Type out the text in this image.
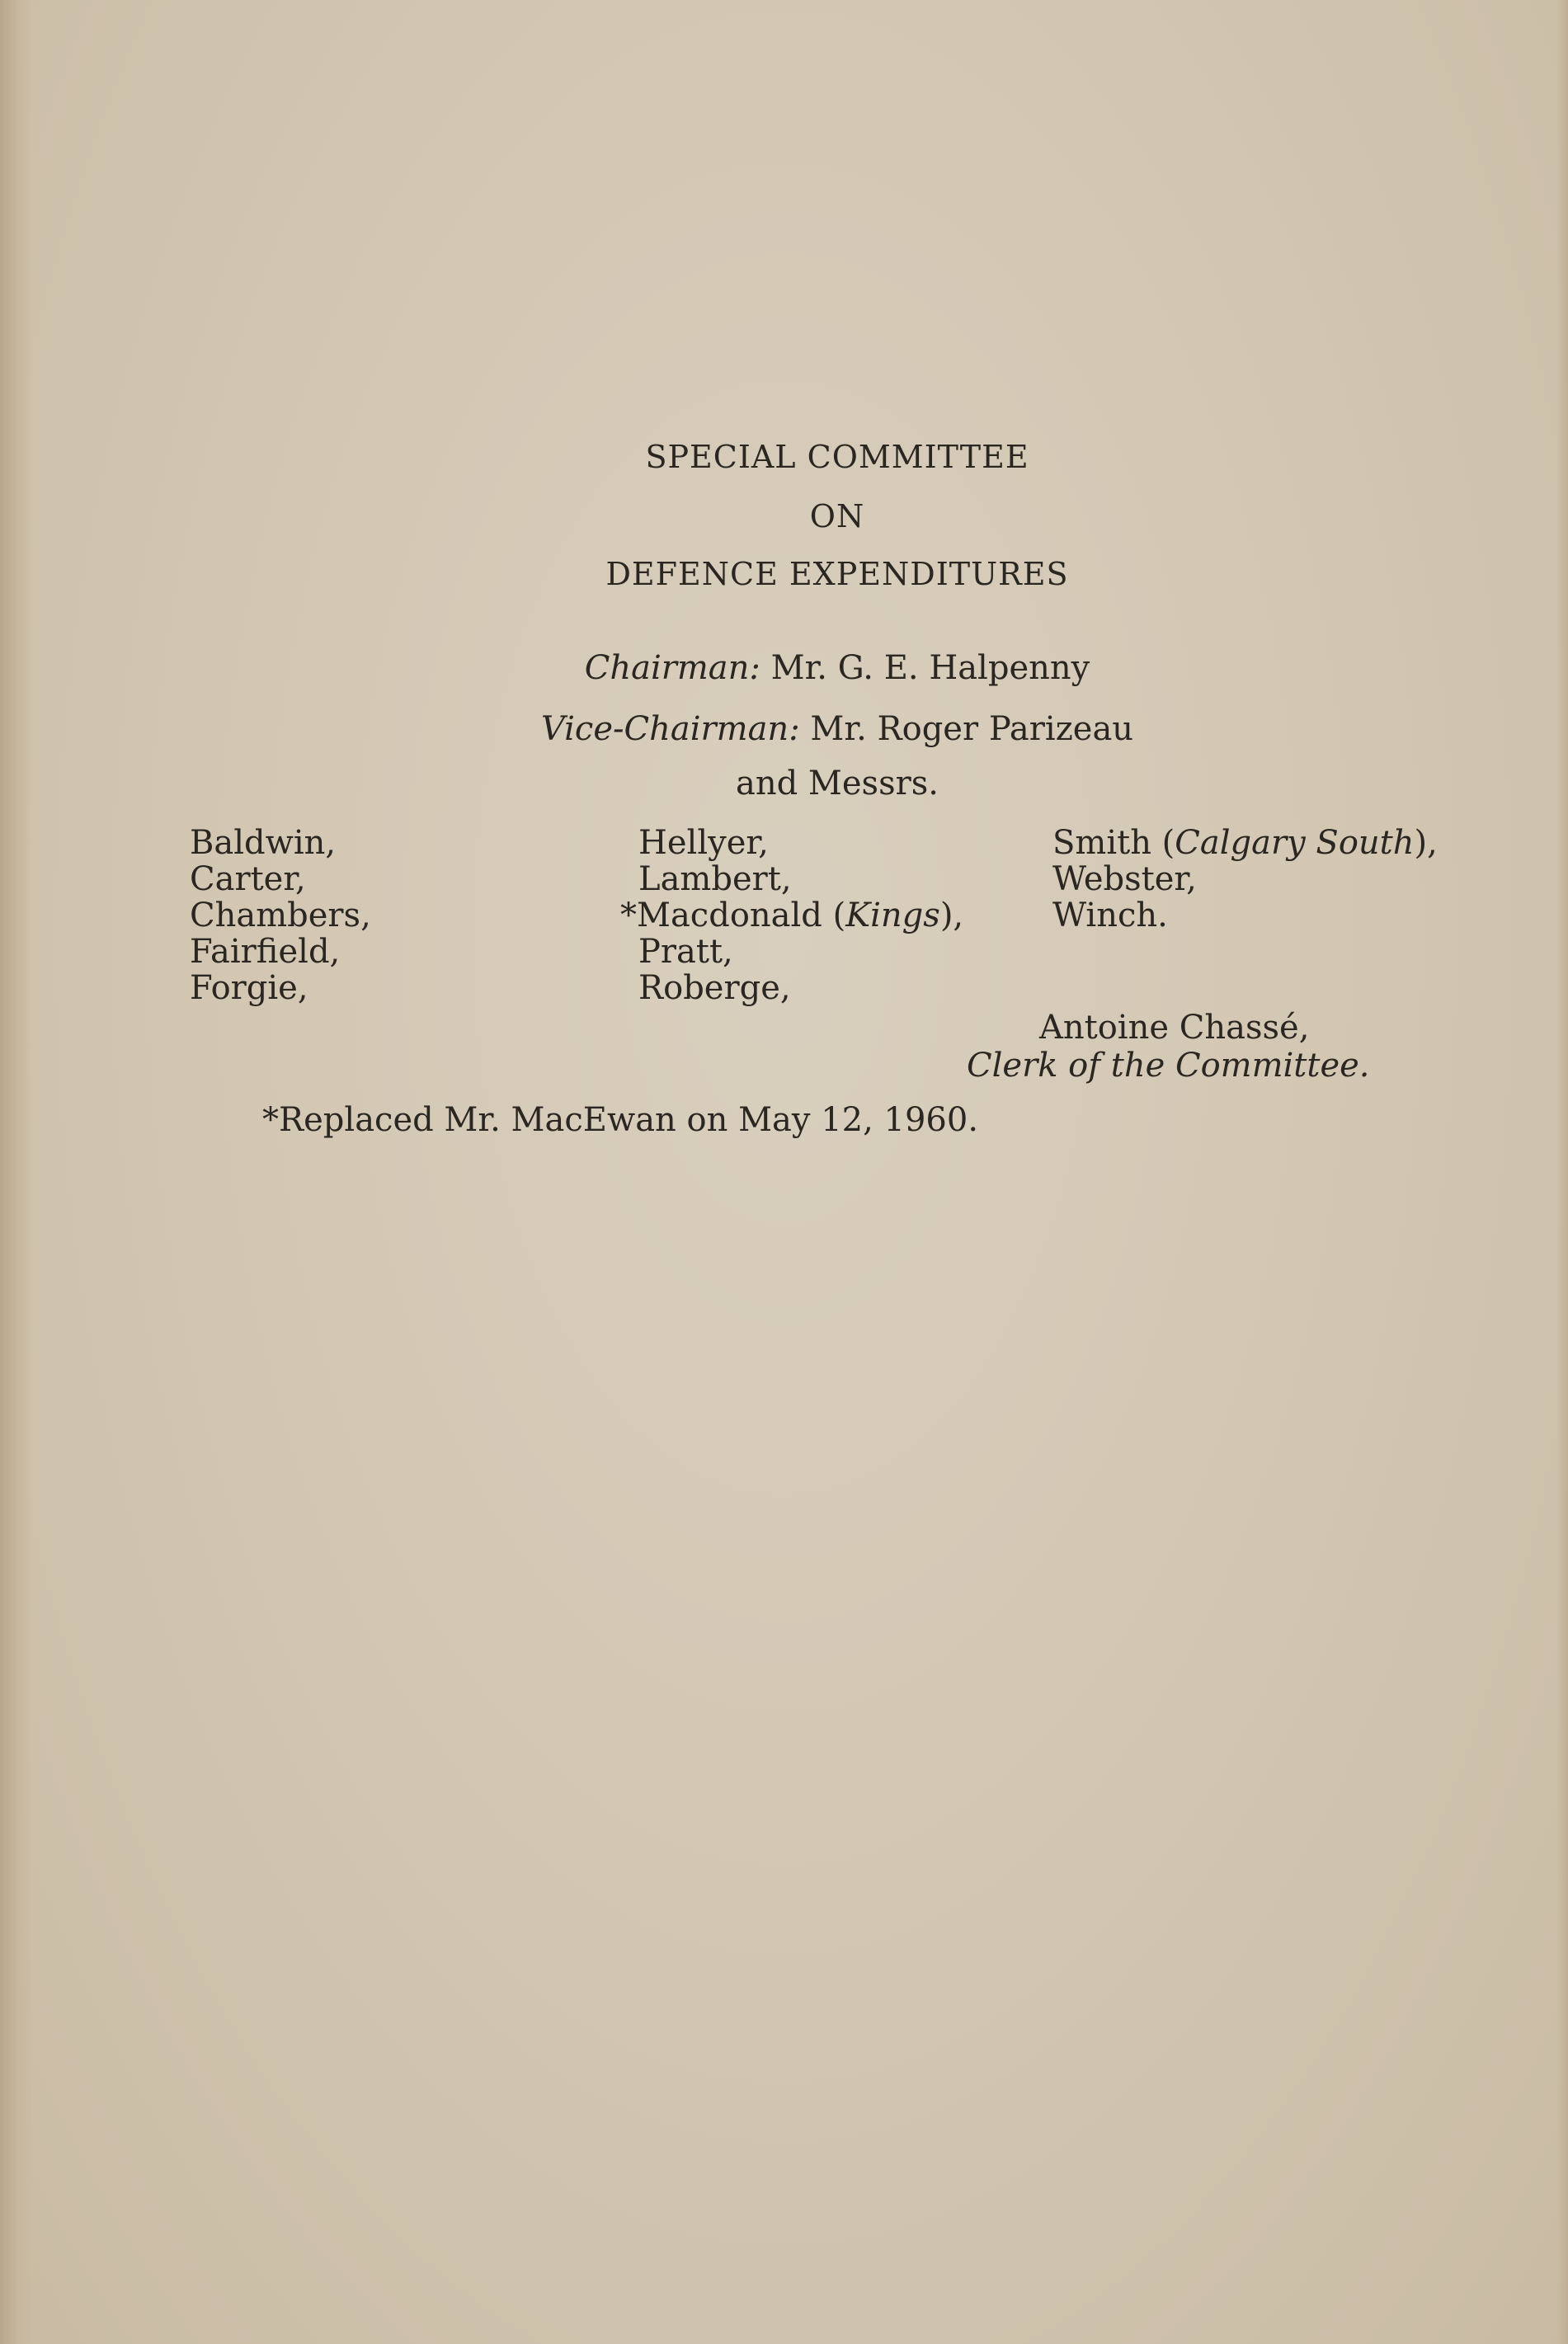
SPECIAL COMMITTEE
ON
DEFENCE EXPENDITURES
Chairman: Mr. G. E. Halpenny
Vice-Chairman: Mr. Roger Parizeau
and Messrs.
Baldwin,
Carter,
Chambers,
Fairfield,
Forgie,
Hellyer,
Lambert,
*Macdonald (Kings),
Pratt,
Roberge,
Smith (Calgary South),
Webster,
Winch.
Antoine Chassé,
Clerk of the Committee.
*Replaced Mr. MacEwan on May 12, 1960.
